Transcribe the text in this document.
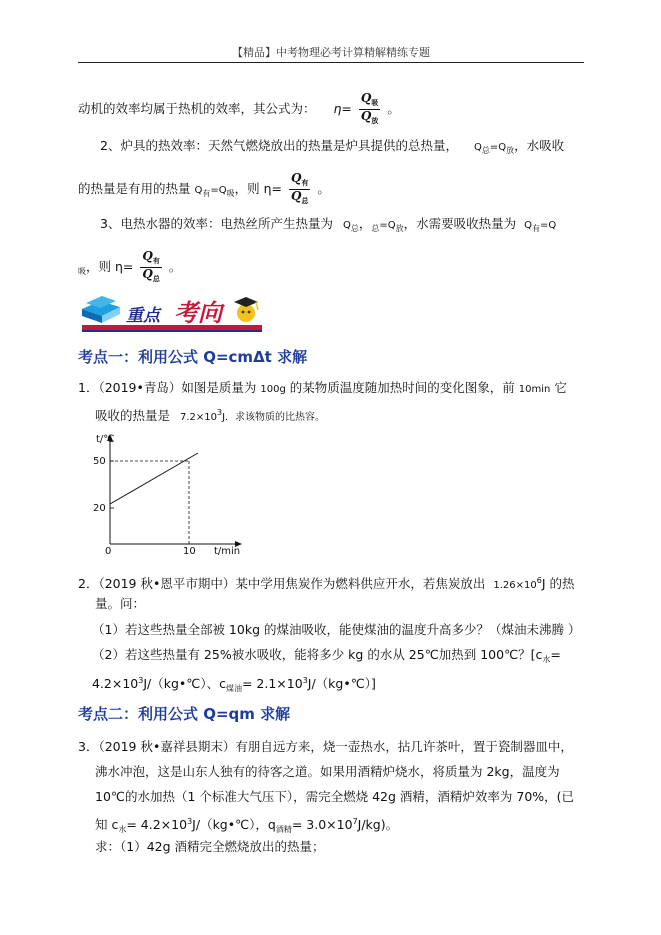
【精品】中考物理必考计算精解精练专题
动机的效率均属于热机的效率，其公式为： $\eta= \frac{Q_吸}{Q_放}$ 。
2、炉具的热效率：天然气燃烧放出的热量是炉具提供的总热量， $Q_总=Q_放$，水吸收
的热量是有用的热量 $Q_有=Q_吸$，则 $\eta= \frac{Q_有}{Q_总}$ 。
3、电热水器的效率：电热丝所产生热量为 $Q_总$，$_总=Q_放$，水需要吸收热量为 $Q_有=Q$
$_吸$，则 $\eta= \frac{Q_有}{Q_总}$ 。
重点 考向
考点一：利用公式 Q=cmΔt 求解
1．（2019•青岛）如图是质量为 100g 的某物质温度随加热时间的变化图象，前 10min 它
吸收的热量是 $7.2\times 10^3J$．求该物质的比热容。
t/℃
50
20
0	10 t/min
2．（2019 秋•恩平市期中）某中学用焦炭作为燃料供应开水，若焦炭放出 $1.26\times 10^6J$ 的热
量。问：
（1）若这些热量全部被 10kg 的煤油吸收，能使煤油的温度升高多少？（煤油未沸腾 ）
（2）若这些热量有 25%被水吸收，能将多少 kg 的水从 25℃加热到 100℃？[$c_水=$
$4.2\times 10^3J/(kg•℃)$、$c_{煤油}=$ $2.1\times 10^3J/(kg•℃)$]
考点二：利用公式 Q=qm 求解
3．（2019 秋•嘉祥县期末）有朋自远方来，烧一壶热水，拈几许茶叶，置于瓷制器皿中，
沸水冲泡，这是山东人独有的待客之道。如果用酒精炉烧水，将质量为 2kg，温度为
10℃的水加热（1 个标准大气压下），需完全燃烧 42g 酒精，酒精炉效率为 70%，(已
知 $c_水=$ $4.2\times 10^3J/(kg•℃)$，$q_{酒精}= 3.0\times 10^7J/kg$)。
求：（1）42g 酒精完全燃烧放出的热量；
